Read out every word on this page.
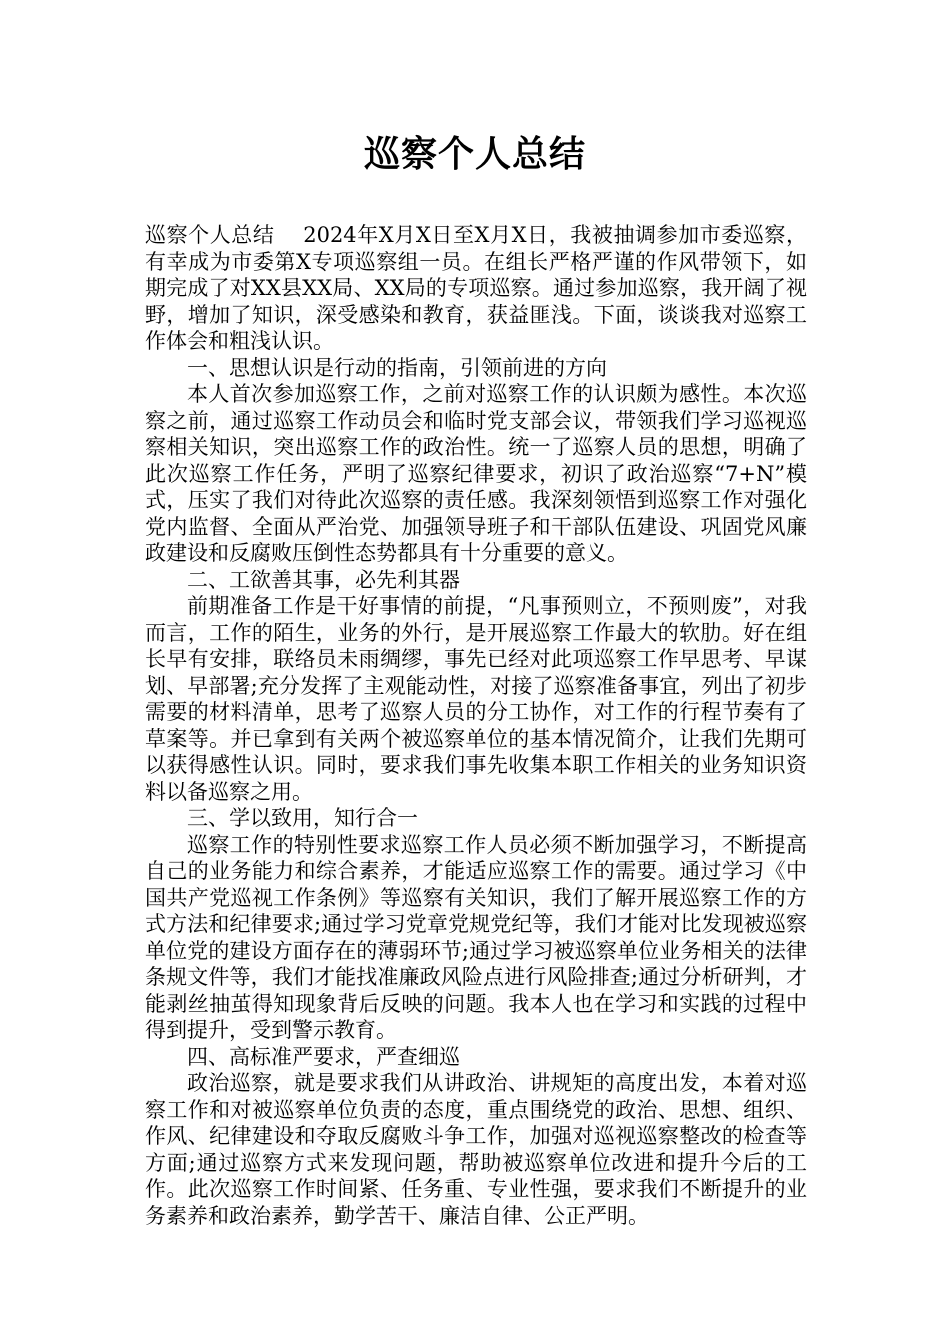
巡察个人总结

巡察个人总结　 2024年X月X日至X月X日，我被抽调参加市委巡察，有幸成为市委第X专项巡察组一员。在组长严格严谨的作风带领下，如期完成了对XX县XX局、XX局的专项巡察。通过参加巡察，我开阔了视野，增加了知识，深受感染和教育，获益匪浅。下面，谈谈我对巡察工作体会和粗浅认识。

一、思想认识是行动的指南，引领前进的方向

本人首次参加巡察工作，之前对巡察工作的认识颇为感性。本次巡察之前，通过巡察工作动员会和临时党支部会议，带领我们学习巡视巡察相关知识，突出巡察工作的政治性。统一了巡察人员的思想，明确了此次巡察工作任务，严明了巡察纪律要求，初识了政治巡察“7+N”模式，压实了我们对待此次巡察的责任感。我深刻领悟到巡察工作对强化党内监督、全面从严治党、加强领导班子和干部队伍建设、巩固党风廉政建设和反腐败压倒性态势都具有十分重要的意义。

二、工欲善其事，必先利其器

前期准备工作是干好事情的前提，“凡事预则立，不预则废”，对我而言，工作的陌生，业务的外行，是开展巡察工作最大的软肋。好在组长早有安排，联络员未雨绸缪，事先已经对此项巡察工作早思考、早谋划、早部署;充分发挥了主观能动性，对接了巡察准备事宜，列出了初步需要的材料清单，思考了巡察人员的分工协作，对工作的行程节奏有了草案等。并已拿到有关两个被巡察单位的基本情况简介，让我们先期可以获得感性认识。同时，要求我们事先收集本职工作相关的业务知识资料以备巡察之用。

三、学以致用，知行合一

巡察工作的特别性要求巡察工作人员必须不断加强学习，不断提高自己的业务能力和综合素养，才能适应巡察工作的需要。通过学习《中国共产党巡视工作条例》等巡察有关知识，我们了解开展巡察工作的方式方法和纪律要求;通过学习党章党规党纪等，我们才能对比发现被巡察单位党的建设方面存在的薄弱环节;通过学习被巡察单位业务相关的法律条规文件等，我们才能找准廉政风险点进行风险排查;通过分析研判，才能剥丝抽茧得知现象背后反映的问题。我本人也在学习和实践的过程中得到提升，受到警示教育。

四、高标准严要求，严查细巡

政治巡察，就是要求我们从讲政治、讲规矩的高度出发，本着对巡察工作和对被巡察单位负责的态度，重点围绕党的政治、思想、组织、作风、纪律建设和夺取反腐败斗争工作，加强对巡视巡察整改的检查等方面;通过巡察方式来发现问题，帮助被巡察单位改进和提升今后的工作。此次巡察工作时间紧、任务重、专业性强，要求我们不断提升的业务素养和政治素养，勤学苦干、廉洁自律、公正严明。
